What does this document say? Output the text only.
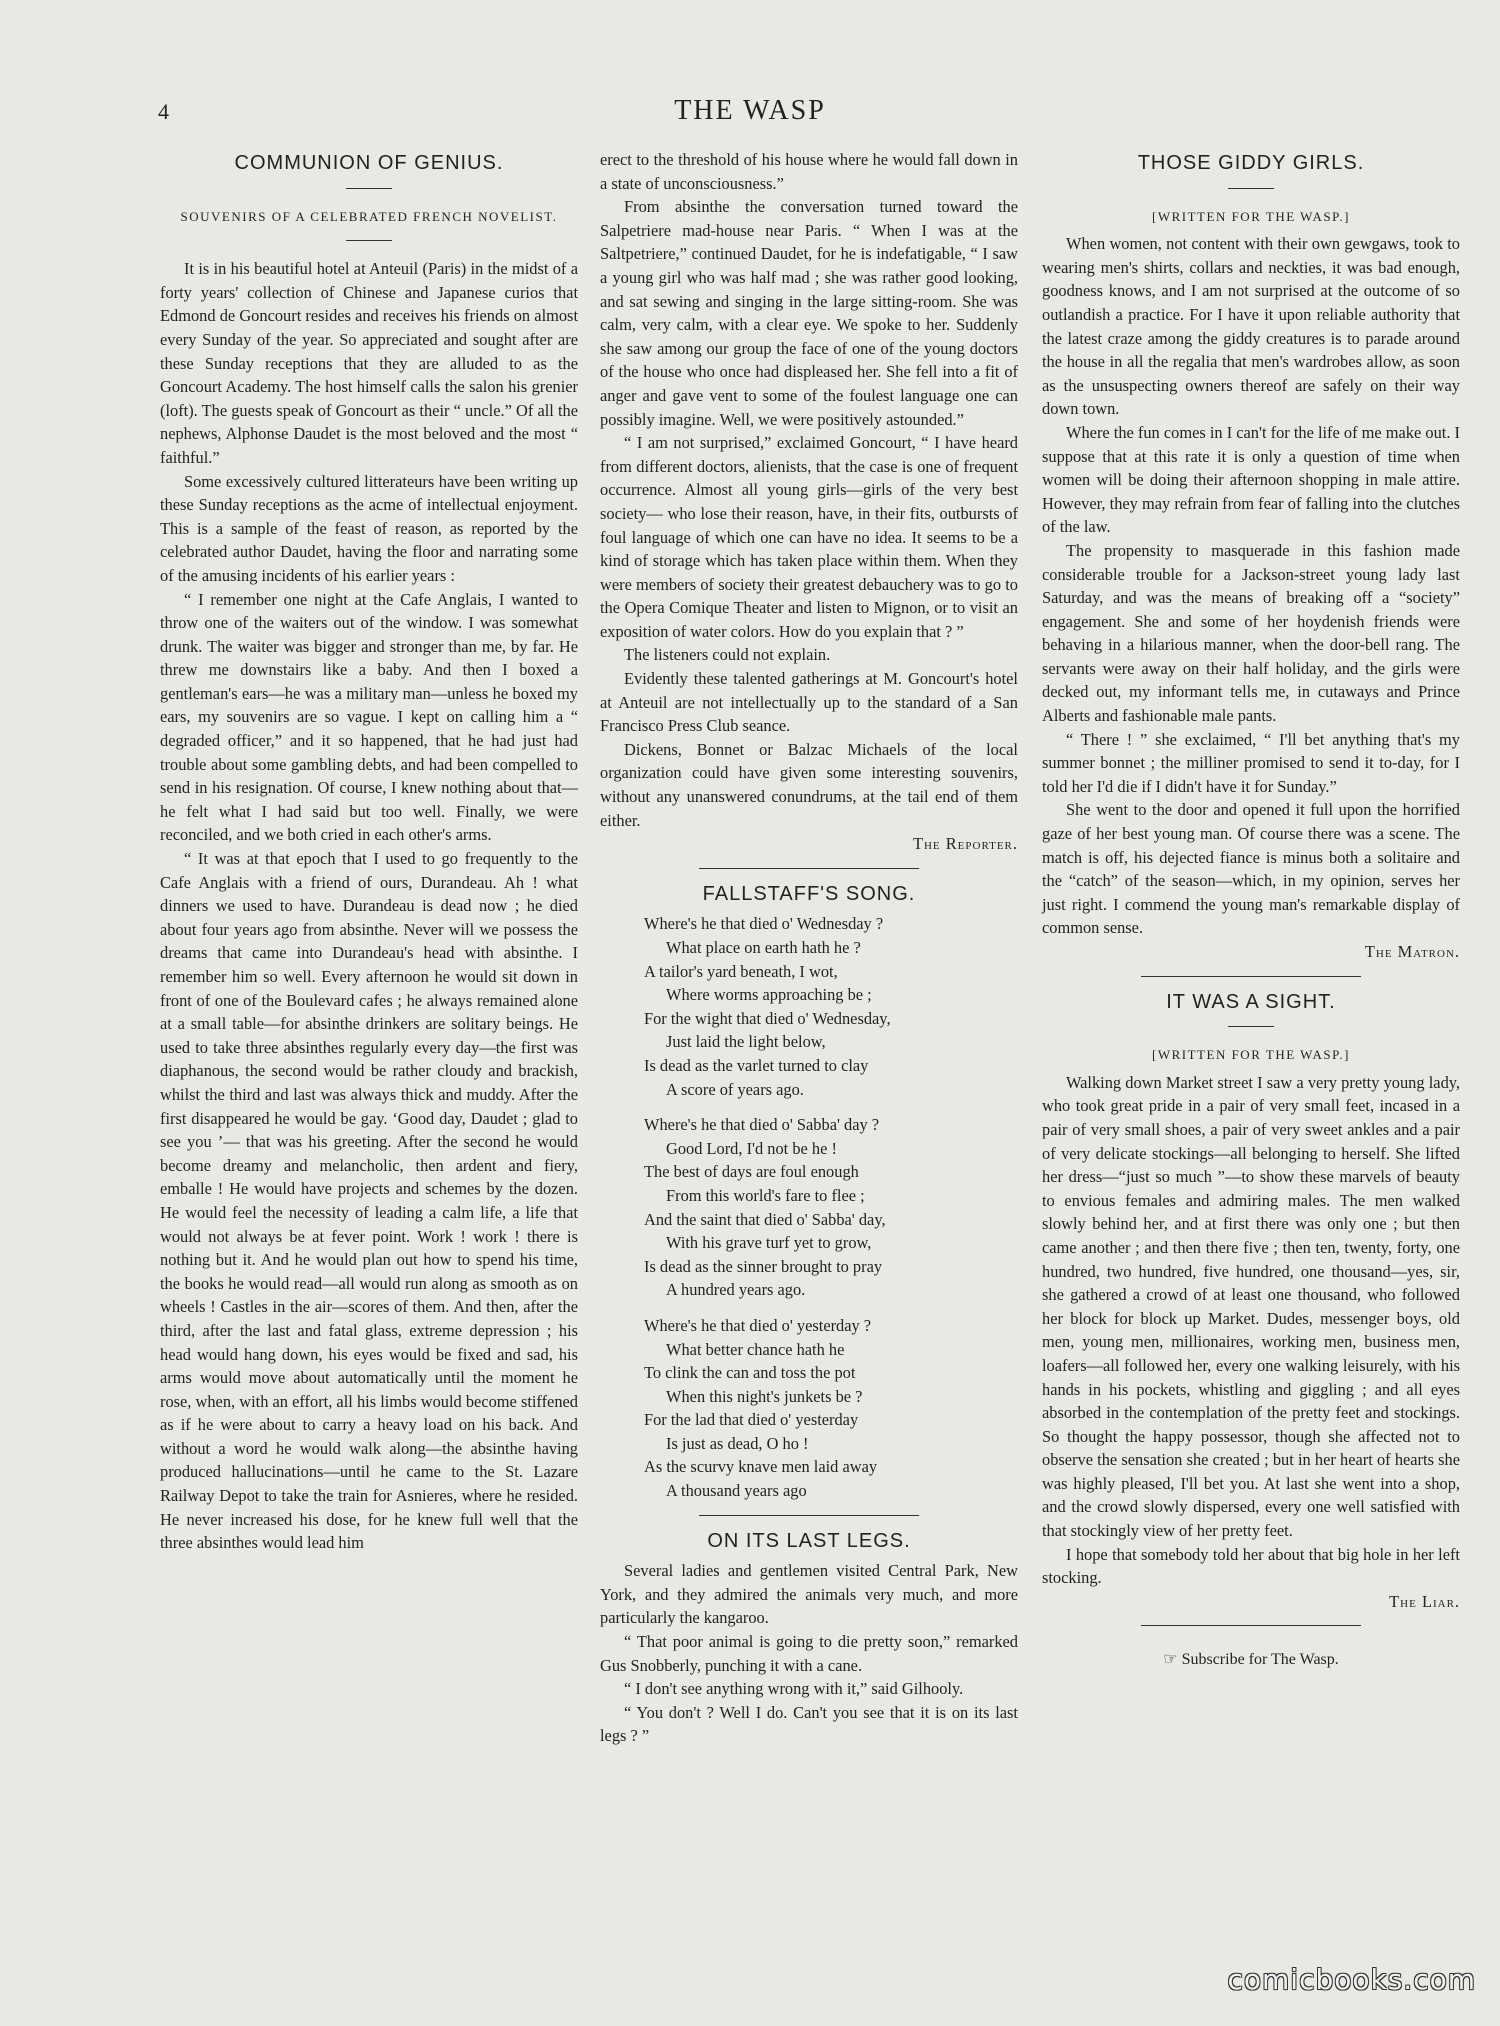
4	THE WASP
COMMUNION OF GENIUS.
SOUVENIRS OF A CELEBRATED FRENCH NOVELIST.

It is in his beautiful hotel at Anteuil (Paris) in the midst of a forty years' collection of Chinese and Japanese curios that Edmond de Goncourt resides and receives his friends on almost every Sunday of the year. So appreciated and sought after are these Sunday receptions that they are alluded to as the Goncourt Academy. The host himself calls the salon his grenier (loft). The guests speak of Goncourt as their “ uncle.” Of all the nephews, Alphonse Daudet is the most beloved and the most “ faithful.”

Some excessively cultured litterateurs have been writing up these Sunday receptions as the acme of intellectual enjoyment. This is a sample of the feast of reason, as reported by the celebrated author Daudet, having the floor and narrating some of the amusing incidents of his earlier years :

“ I remember one night at the Cafe Anglais, I wanted to throw one of the waiters out of the window. I was somewhat drunk. The waiter was bigger and stronger than me, by far. He threw me downstairs like a baby. And then I boxed a gentleman's ears—he was a military man—unless he boxed my ears, my souvenirs are so vague. I kept on calling him a “ degraded officer,” and it so happened, that he had just had trouble about some gambling debts, and had been compelled to send in his resignation. Of course, I knew nothing about that—he felt what I had said but too well. Finally, we were reconciled, and we both cried in each other's arms.

“ It was at that epoch that I used to go frequently to the Cafe Anglais with a friend of ours, Durandeau. Ah ! what dinners we used to have. Durandeau is dead now ; he died about four years ago from absinthe. Never will we possess the dreams that came into Durandeau's head with absinthe. I remember him so well. Every afternoon he would sit down in front of one of the Boulevard cafes ; he always remained alone at a small table—for absinthe drinkers are solitary beings. He used to take three absinthes regularly every day—the first was diaphanous, the second would be rather cloudy and brackish, whilst the third and last was always thick and muddy. After the first disappeared he would be gay. ‘Good day, Daudet ; glad to see you ’— that was his greeting. After the second he would become dreamy and melancholic, then ardent and fiery, emballe ! He would have projects and schemes by the dozen. He would feel the necessity of leading a calm life, a life that would not always be at fever point. Work ! work ! there is nothing but it. And he would plan out how to spend his time, the books he would read—all would run along as smooth as on wheels ! Castles in the air—scores of them. And then, after the third, after the last and fatal glass, extreme depression ; his head would hang down, his eyes would be fixed and sad, his arms would move about automatically until the moment he rose, when, with an effort, all his limbs would become stiffened as if he were about to carry a heavy load on his back. And without a word he would walk along—the absinthe having produced hallucinations—until he came to the St. Lazare Railway Depot to take the train for Asnieres, where he resided. He never increased his dose, for he knew full well that the three absinthes would lead him

erect to the threshold of his house where he would fall down in a state of unconsciousness.”

From absinthe the conversation turned toward the Salpetriere mad-house near Paris. “ When I was at the Saltpetriere,” continued Daudet, for he is indefatigable, “ I saw a young girl who was half mad ; she was rather good looking, and sat sewing and singing in the large sitting-room. She was calm, very calm, with a clear eye. We spoke to her. Suddenly she saw among our group the face of one of the young doctors of the house who once had displeased her. She fell into a fit of anger and gave vent to some of the foulest language one can possibly imagine. Well, we were positively astounded.”

“ I am not surprised,” exclaimed Goncourt, “ I have heard from different doctors, alienists, that the case is one of frequent occurrence. Almost all young girls—girls of the very best society— who lose their reason, have, in their fits, outbursts of foul language of which one can have no idea. It seems to be a kind of storage which has taken place within them. When they were members of society their greatest debauchery was to go to the Opera Comique Theater and listen to Mignon, or to visit an exposition of water colors. How do you explain that ? ”

The listeners could not explain.

Evidently these talented gatherings at M. Goncourt's hotel at Anteuil are not intellectually up to the standard of a San Francisco Press Club seance.

Dickens, Bonnet or Balzac Michaels of the local organization could have given some interesting souvenirs, without any unanswered conundrums, at the tail end of them either.

The Reporter.
FALLSTAFF'S SONG.
Where's he that died o' Wednesday ?
What place on earth hath he ?
A tailor's yard beneath, I wot,
Where worms approaching be ;
For the wight that died o' Wednesday,
Just laid the light below,
Is dead as the varlet turned to clay
A score of years ago.
Where's he that died o' Sabba' day ?
Good Lord, I'd not be he !
The best of days are foul enough
From this world's fare to flee ;
And the saint that died o' Sabba' day,
With his grave turf yet to grow,
Is dead as the sinner brought to pray
A hundred years ago.
Where's he that died o' yesterday ?
What better chance hath he
To clink the can and toss the pot
When this night's junkets be ?
For the lad that died o' yesterday
Is just as dead, O ho !
As the scurvy knave men laid away
A thousand years ago
ON ITS LAST LEGS.

Several ladies and gentlemen visited Central Park, New York, and they admired the animals very much, and more particularly the kangaroo.

“ That poor animal is going to die pretty soon,” remarked Gus Snobberly, punching it with a cane.

“ I don't see anything wrong with it,” said Gilhooly.

“ You don't ? Well I do. Can't you see that it is on its last legs ? ”

THOSE GIDDY GIRLS.
[WRITTEN FOR THE WASP.]

When women, not content with their own gewgaws, took to wearing men's shirts, collars and neckties, it was bad enough, goodness knows, and I am not surprised at the outcome of so outlandish a practice. For I have it upon reliable authority that the latest craze among the giddy creatures is to parade around the house in all the regalia that men's wardrobes allow, as soon as the unsuspecting owners thereof are safely on their way down town.

Where the fun comes in I can't for the life of me make out. I suppose that at this rate it is only a question of time when women will be doing their afternoon shopping in male attire. However, they may refrain from fear of falling into the clutches of the law.

The propensity to masquerade in this fashion made considerable trouble for a Jackson-street young lady last Saturday, and was the means of breaking off a “society” engagement. She and some of her hoydenish friends were behaving in a hilarious manner, when the door-bell rang. The servants were away on their half holiday, and the girls were decked out, my informant tells me, in cutaways and Prince Alberts and fashionable male pants.

“ There ! ” she exclaimed, “ I'll bet anything that's my summer bonnet ; the milliner promised to send it to-day, for I told her I'd die if I didn't have it for Sunday.”

She went to the door and opened it full upon the horrified gaze of her best young man. Of course there was a scene. The match is off, his dejected fiance is minus both a solitaire and the “catch” of the season—which, in my opinion, serves her just right. I commend the young man's remarkable display of common sense.

The Matron.
IT WAS A SIGHT.
[WRITTEN FOR THE WASP.]

Walking down Market street I saw a very pretty young lady, who took great pride in a pair of very small feet, incased in a pair of very small shoes, a pair of very sweet ankles and a pair of very delicate stockings—all belonging to herself. She lifted her dress—“just so much ”—to show these marvels of beauty to envious females and admiring males. The men walked slowly behind her, and at first there was only one ; but then came another ; and then there five ; then ten, twenty, forty, one hundred, two hundred, five hundred, one thousand—yes, sir, she gathered a crowd of at least one thousand, who followed her block for block up Market. Dudes, messenger boys, old men, young men, millionaires, working men, business men, loafers—all followed her, every one walking leisurely, with his hands in his pockets, whistling and giggling ; and all eyes absorbed in the contemplation of the pretty feet and stockings. So thought the happy possessor, though she affected not to observe the sensation she created ; but in her heart of hearts she was highly pleased, I'll bet you. At last she went into a shop, and the crowd slowly dispersed, every one well satisfied with that stockingly view of her pretty feet.

I hope that somebody told her about that big hole in her left stocking.

The Liar.
☞ Subscribe for The Wasp.
comicbooks.com
